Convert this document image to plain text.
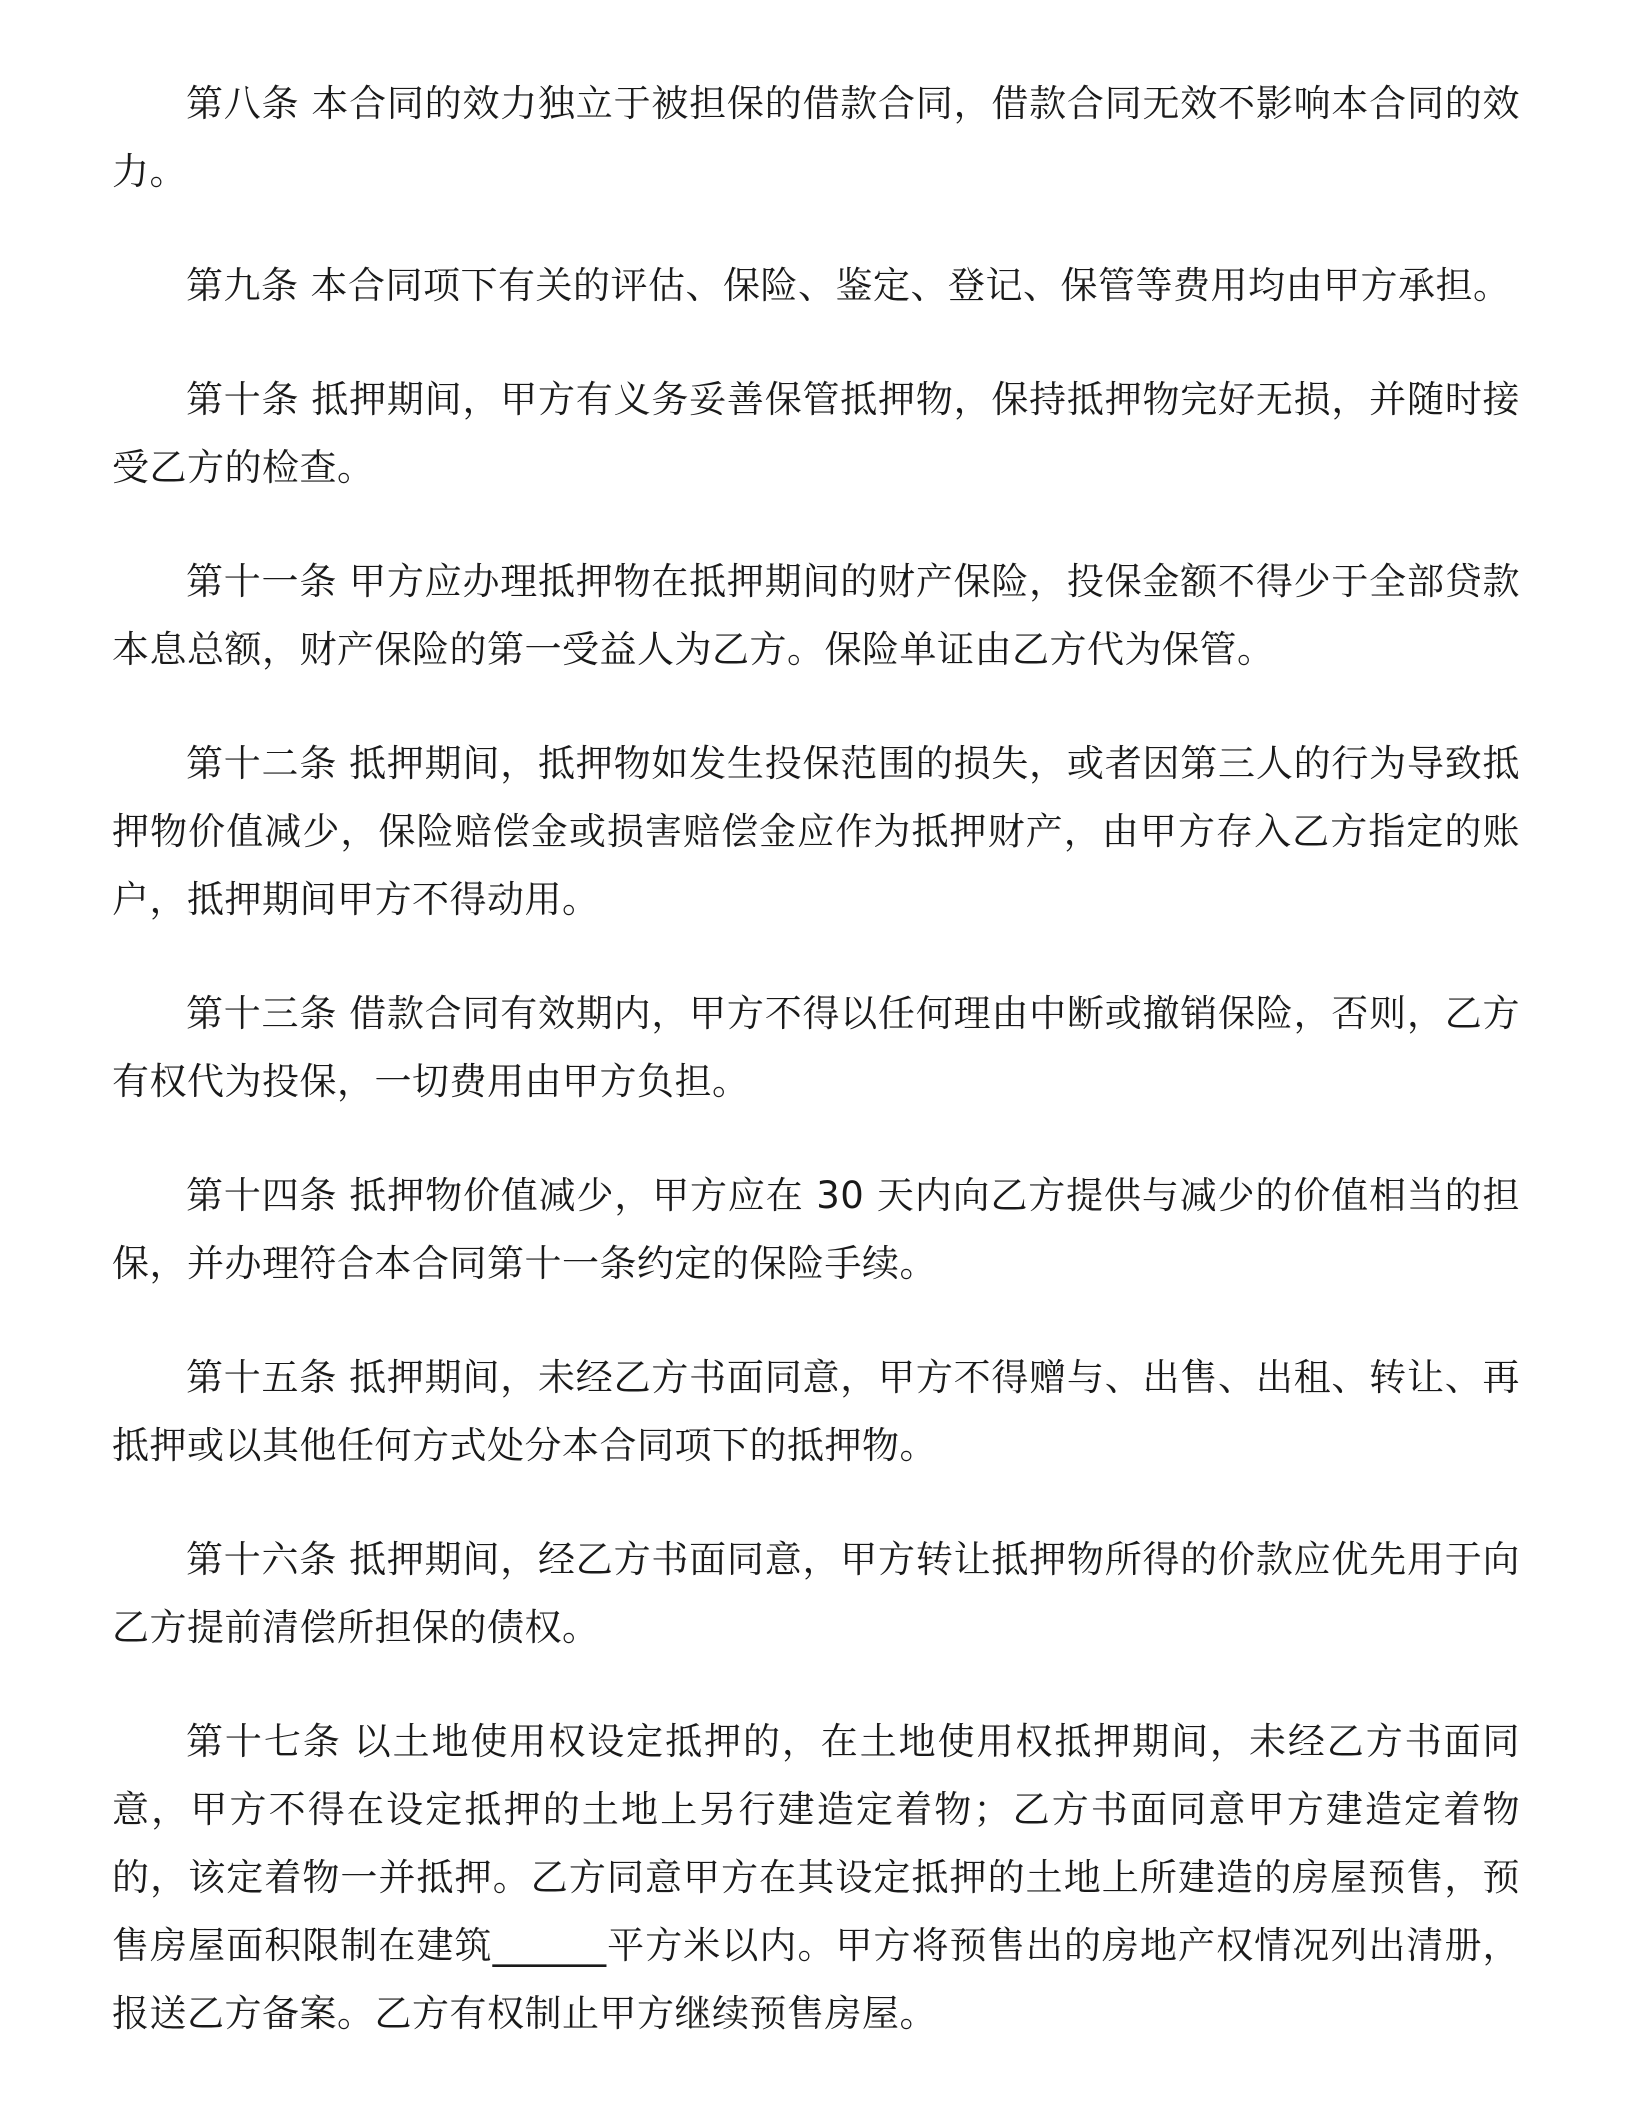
第八条 本合同的效力独立于被担保的借款合同，借款合同无效不影响本合同的效力。

第九条 本合同项下有关的评估、保险、鉴定、登记、保管等费用均由甲方承担。

第十条 抵押期间，甲方有义务妥善保管抵押物，保持抵押物完好无损，并随时接受乙方的检查。

第十一条 甲方应办理抵押物在抵押期间的财产保险，投保金额不得少于全部贷款本息总额，财产保险的第一受益人为乙方。保险单证由乙方代为保管。

第十二条 抵押期间，抵押物如发生投保范围的损失，或者因第三人的行为导致抵押物价值减少，保险赔偿金或损害赔偿金应作为抵押财产，由甲方存入乙方指定的账户，抵押期间甲方不得动用。

第十三条 借款合同有效期内，甲方不得以任何理由中断或撤销保险，否则，乙方有权代为投保，一切费用由甲方负担。

第十四条 抵押物价值减少，甲方应在 30 天内向乙方提供与减少的价值相当的担保，并办理符合本合同第十一条约定的保险手续。

第十五条 抵押期间，未经乙方书面同意，甲方不得赠与、出售、出租、转让、再抵押或以其他任何方式处分本合同项下的抵押物。

第十六条 抵押期间，经乙方书面同意，甲方转让抵押物所得的价款应优先用于向乙方提前清偿所担保的债权。

第十七条 以土地使用权设定抵押的，在土地使用权抵押期间，未经乙方书面同意，甲方不得在设定抵押的土地上另行建造定着物；乙方书面同意甲方建造定着物的，该定着物一并抵押。乙方同意甲方在其设定抵押的土地上所建造的房屋预售，预售房屋面积限制在建筑______平方米以内。甲方将预售出的房地产权情况列出清册，报送乙方备案。乙方有权制止甲方继续预售房屋。
